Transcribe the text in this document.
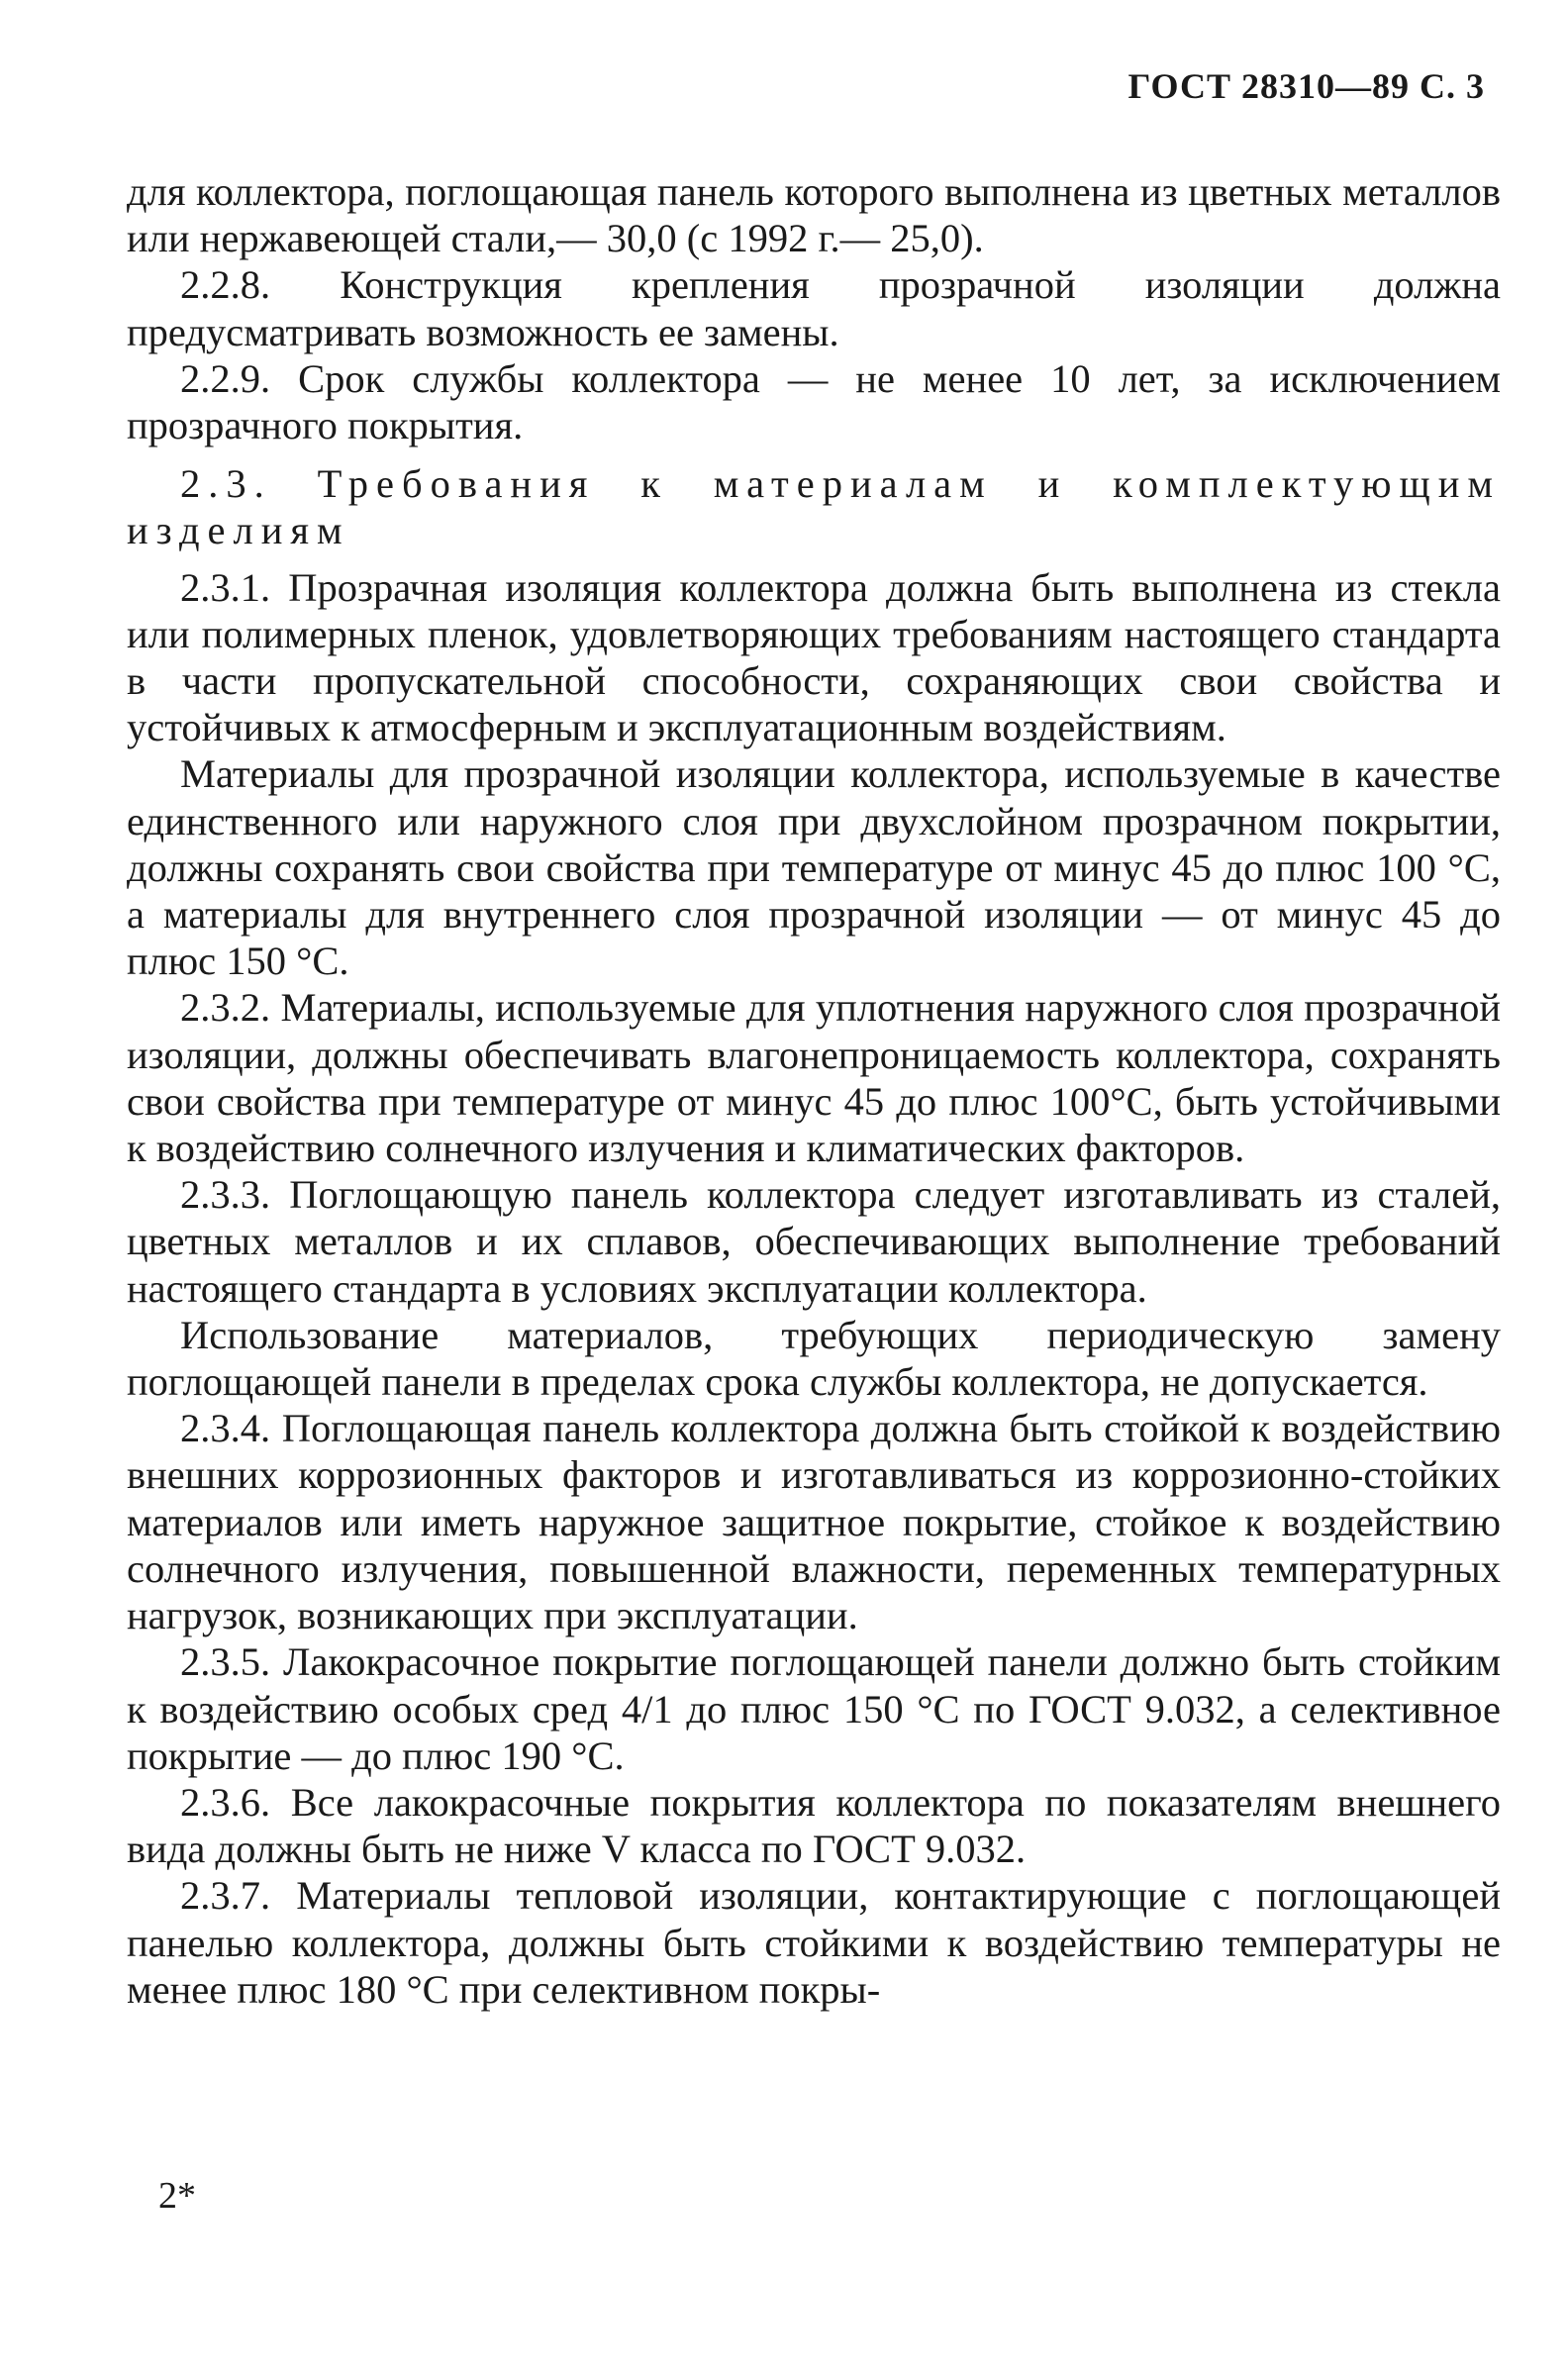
ГОСТ 28310—89 С. 3

для коллектора, поглощающая панель которого выполнена из цветных металлов или нержавеющей стали,— 30,0 (с 1992 г.— 25,0).

2.2.8. Конструкция крепления прозрачной изоляции должна предусматривать возможность ее замены.

2.2.9. Срок службы коллектора — не менее 10 лет, за исключением прозрачного покрытия.

2.3. Требования к материалам и комплектующим изделиям

2.3.1. Прозрачная изоляция коллектора должна быть выполнена из стекла или полимерных пленок, удовлетворяющих требованиям настоящего стандарта в части пропускательной способности, сохраняющих свои свойства и устойчивых к атмосферным и эксплуатационным воздействиям.

Материалы для прозрачной изоляции коллектора, используемые в качестве единственного или наружного слоя при двухслойном прозрачном покрытии, должны сохранять свои свойства при температуре от минус 45 до плюс 100 °С, а материалы для внутреннего слоя прозрачной изоляции — от минус 45 до плюс 150 °С.

2.3.2. Материалы, используемые для уплотнения наружного слоя прозрачной изоляции, должны обеспечивать влагонепроницаемость коллектора, сохранять свои свойства при температуре от минус 45 до плюс 100°С, быть устойчивыми к воздействию солнечного излучения и климатических факторов.

2.3.3. Поглощающую панель коллектора следует изготавливать из сталей, цветных металлов и их сплавов, обеспечивающих выполнение требований настоящего стандарта в условиях эксплуатации коллектора.

Использование материалов, требующих периодическую замену поглощающей панели в пределах срока службы коллектора, не допускается.

2.3.4. Поглощающая панель коллектора должна быть стойкой к воздействию внешних коррозионных факторов и изготавливаться из коррозионно-стойких материалов или иметь наружное защитное покрытие, стойкое к воздействию солнечного излучения, повышенной влажности, переменных температурных нагрузок, возникающих при эксплуатации.

2.3.5. Лакокрасочное покрытие поглощающей панели должно быть стойким к воздействию особых сред 4/1 до плюс 150 °С по ГОСТ 9.032, а селективное покрытие — до плюс 190 °С.

2.3.6. Все лакокрасочные покрытия коллектора по показателям внешнего вида должны быть не ниже V класса по ГОСТ 9.032.

2.3.7. Материалы тепловой изоляции, контактирующие с поглощающей панелью коллектора, должны быть стойкими к воздействию температуры не менее плюс 180 °С при селективном покры-

2*
